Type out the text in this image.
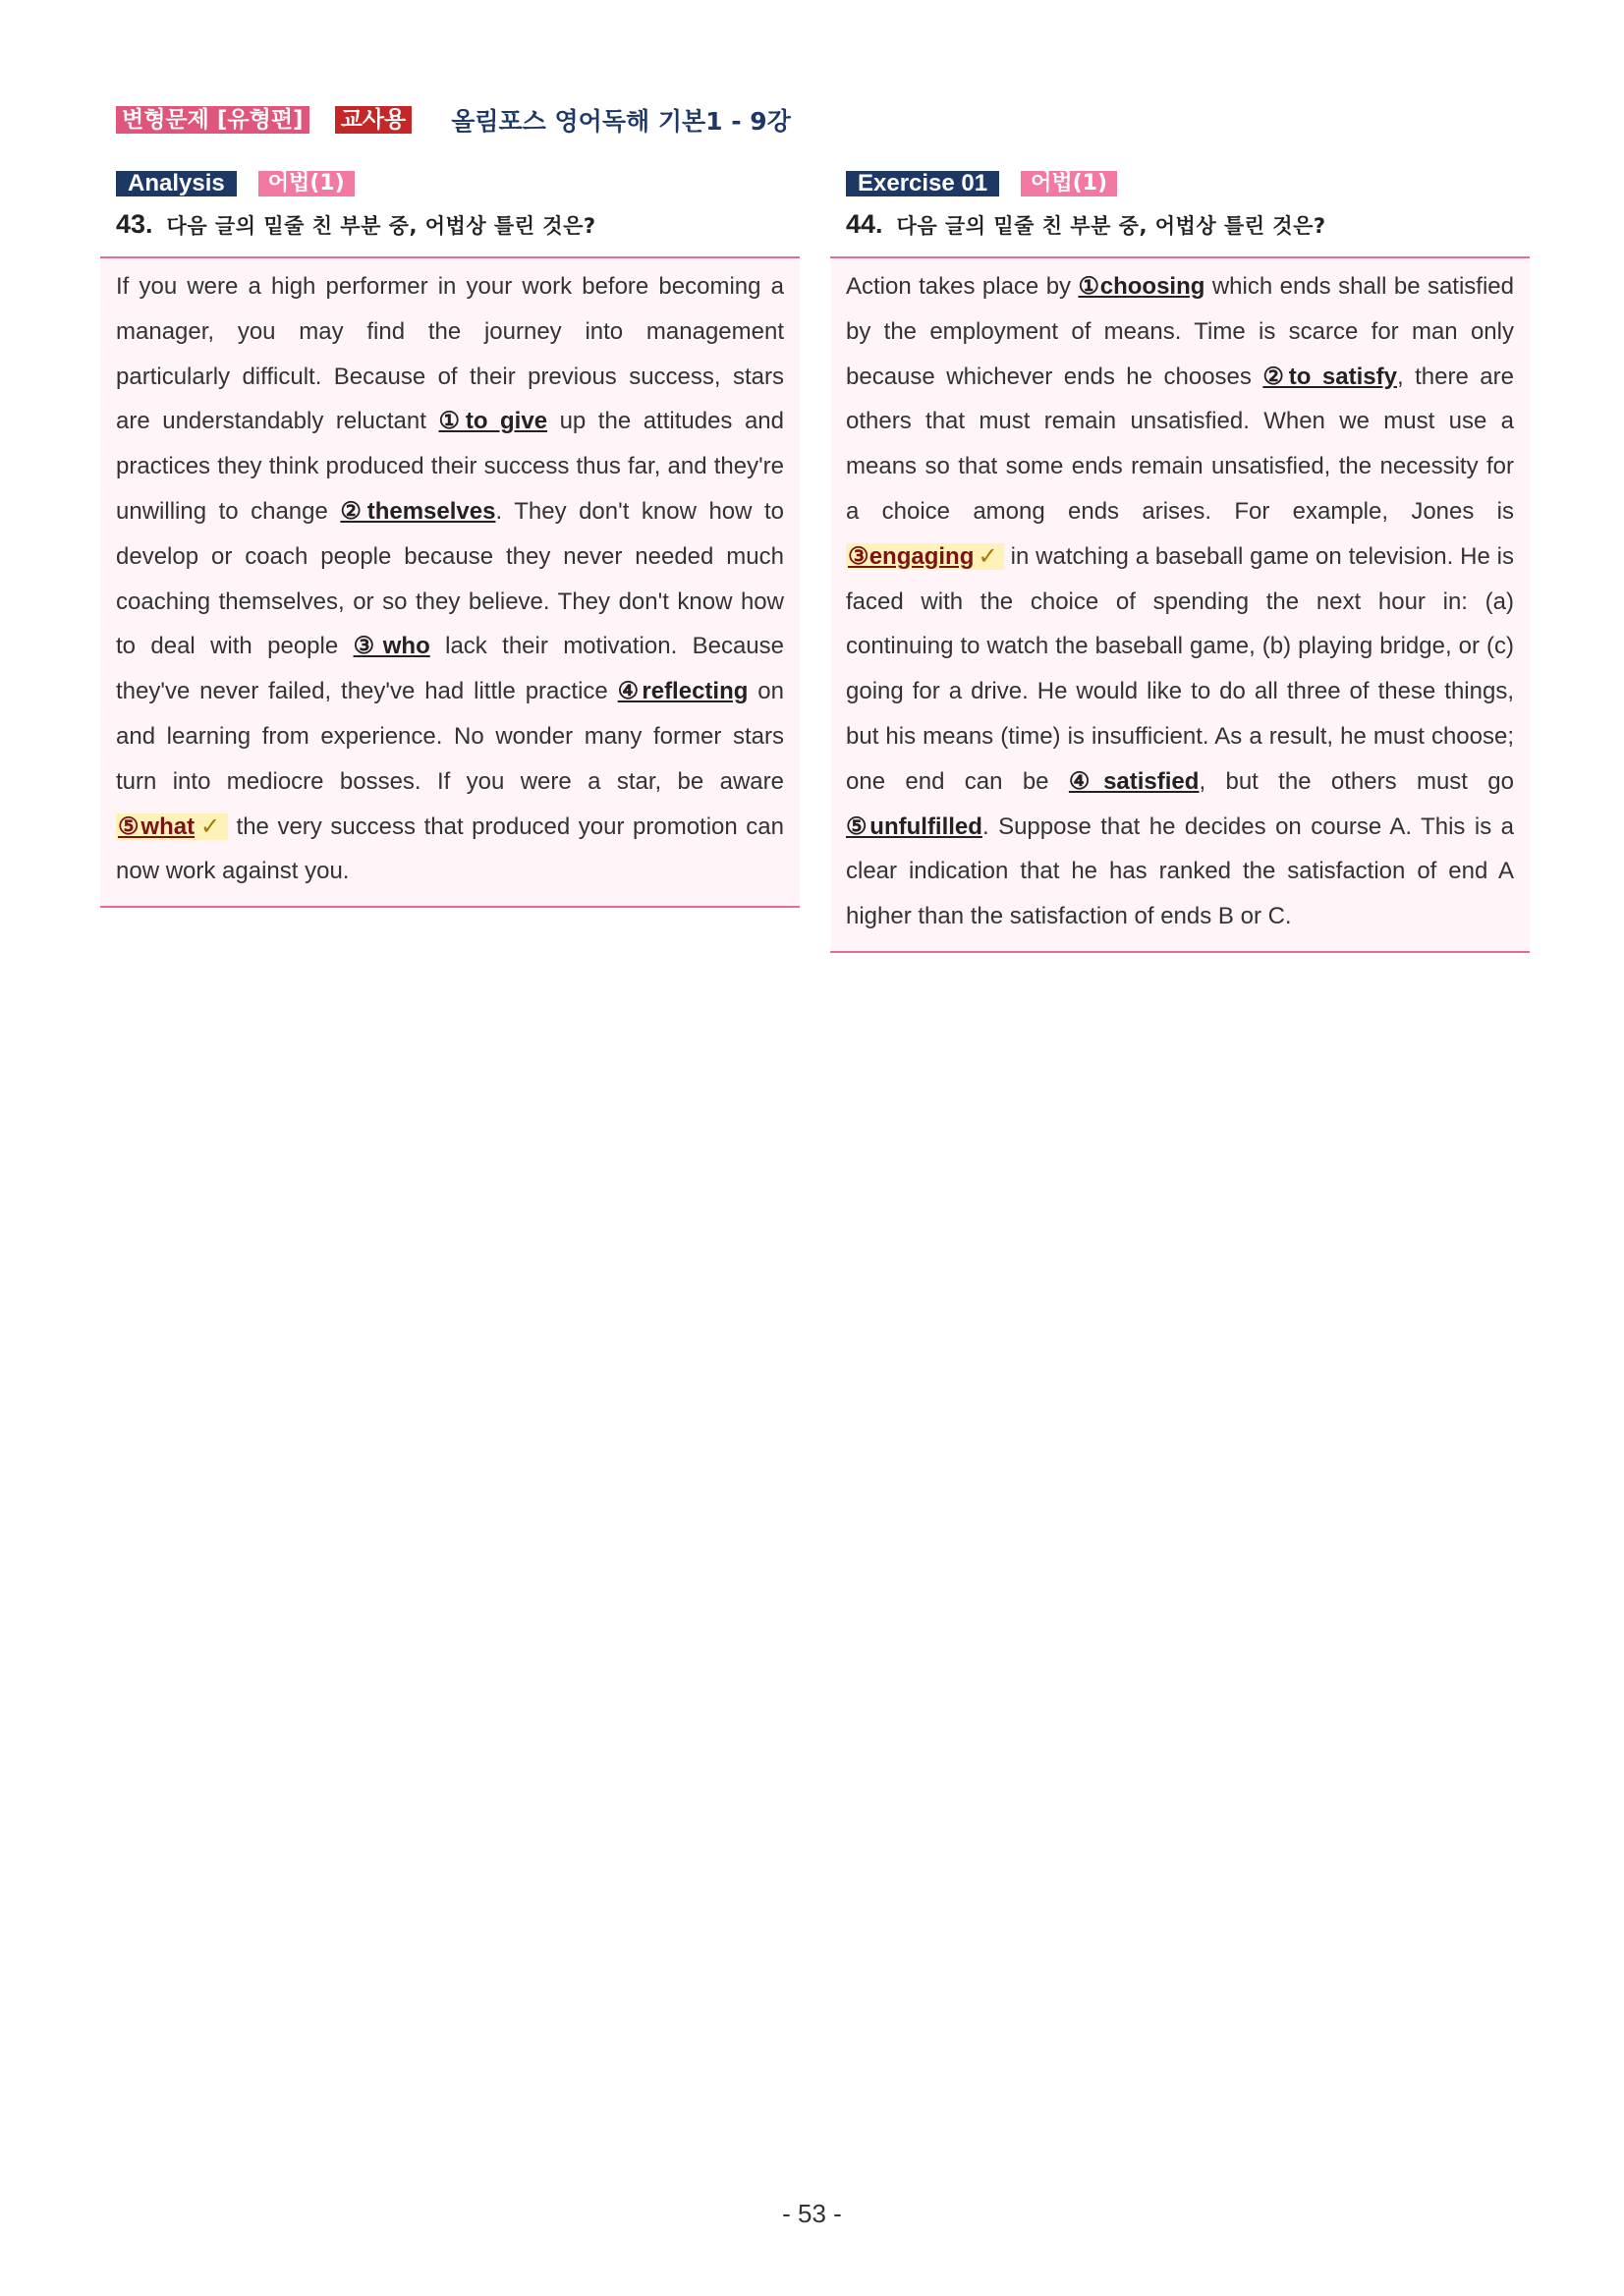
변형문제 [유형편] 교사용 올림포스 영어독해 기본1 - 9강
Analysis	어법(1)
43. 다음 글의 밑줄 친 부분 중, 어법상 틀린 것은?

If you were a high performer in your work before becoming a manager, you may find the journey into management particularly difficult. Because of their previous success, stars are understandably reluctant ①to give up the attitudes and practices they think produced their success thus far, and they're unwilling to change ②themselves. They don't know how to develop or coach people because they never needed much coaching themselves, or so they believe. They don't know how to deal with people ③who lack their motivation. Because they've never failed, they've had little practice ④reflecting on and learning from experience. No wonder many former stars turn into mediocre bosses. If you were a star, be aware ⑤what ✓ the very success that produced your promotion can now work against you.

Exercise 01	어법(1)
44. 다음 글의 밑줄 친 부분 중, 어법상 틀린 것은?

Action takes place by ①choosing which ends shall be satisfied by the employment of means. Time is scarce for man only because whichever ends he chooses ②to satisfy, there are others that must remain unsatisfied. When we must use a means so that some ends remain unsatisfied, the necessity for a choice among ends arises. For example, Jones is ③engaging ✓ in watching a baseball game on television. He is faced with the choice of spending the next hour in: (a) continuing to watch the baseball game, (b) playing bridge, or (c) going for a drive. He would like to do all three of these things, but his means (time) is insufficient. As a result, he must choose; one end can be ④satisfied, but the others must go ⑤unfulfilled. Suppose that he decides on course A. This is a clear indication that he has ranked the satisfaction of end A higher than the satisfaction of ends B or C.

- 53 -
